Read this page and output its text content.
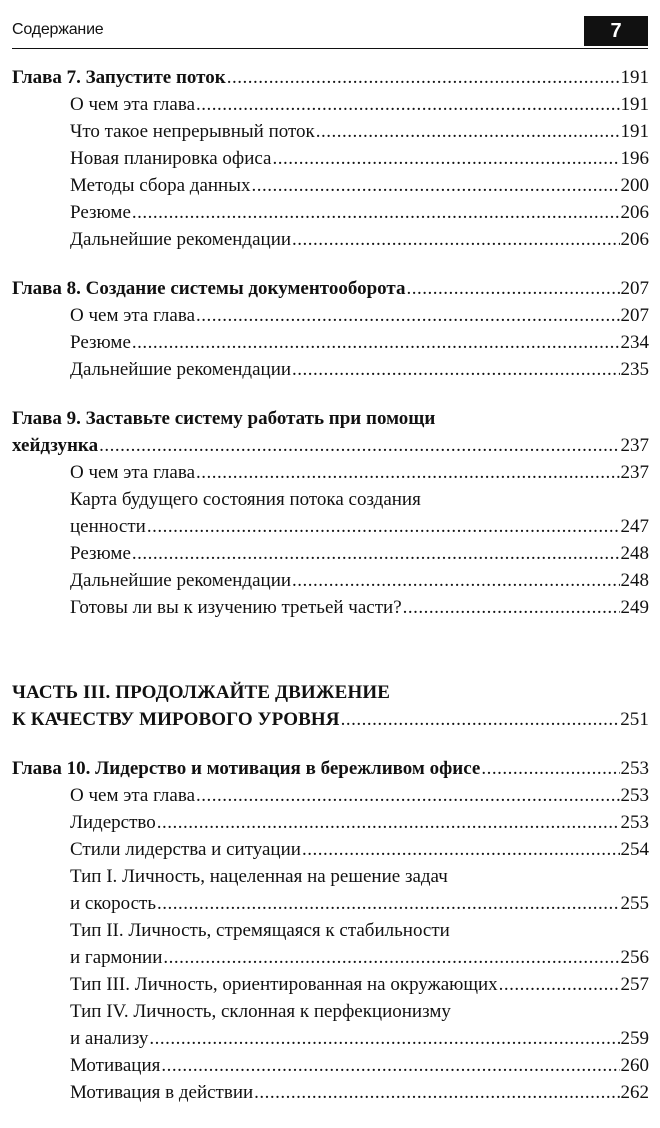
Содержание	7
Глава 7. Запустите поток .....	191
О чем эта глава .....	191
Что такое непрерывный поток .....	191
Новая планировка офиса .....	196
Методы сбора данных .....	200
Резюме .....	206
Дальнейшие рекомендации .....	206
Глава 8. Создание системы документооборота .....	207
О чем эта глава .....	207
Резюме .....	234
Дальнейшие рекомендации .....	235
Глава 9. Заставьте систему работать при помощи
хейдзунка .....	237
О чем эта глава .....	237
Карта будущего состояния потока создания
ценности .....	247
Резюме .....	248
Дальнейшие рекомендации .....	248
Готовы ли вы к изучению третьей части? .....	249
ЧАСТЬ III. ПРОДОЛЖАЙТЕ ДВИЖЕНИЕ
К КАЧЕСТВУ МИРОВОГО УРОВНЯ .....	251
Глава 10. Лидерство и мотивация в бережливом офисе .....	253
О чем эта глава .....	253
Лидерство .....	253
Стили лидерства и ситуации .....	254
Тип I. Личность, нацеленная на решение задач
и скорость .....	255
Тип II. Личность, стремящаяся к стабильности
и гармонии .....	256
Тип III. Личность, ориентированная на окружающих .....	257
Тип IV. Личность, склонная к перфекционизму
и анализу .....	259
Мотивация .....	260
Мотивация в действии .....	262
